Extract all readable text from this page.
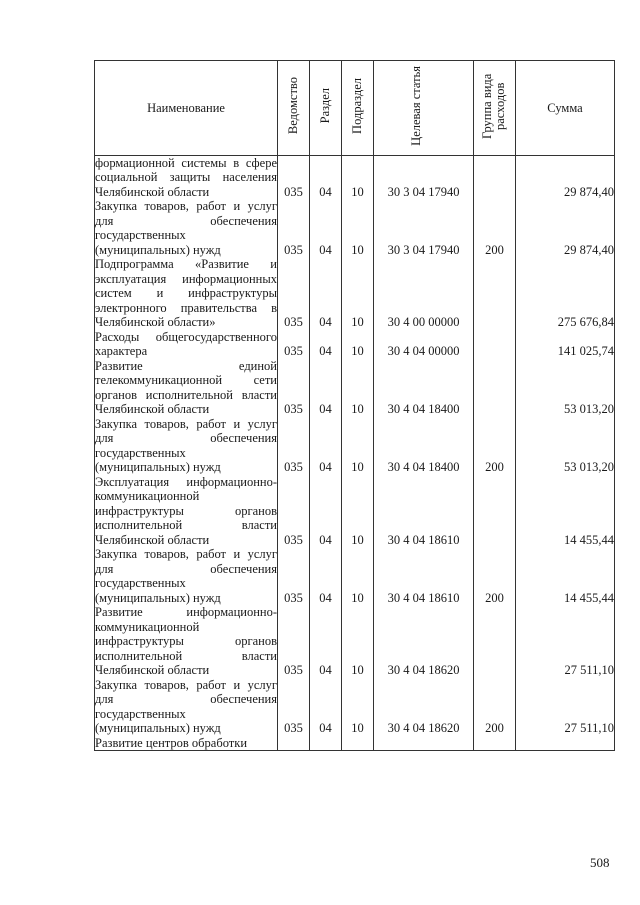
Наименование	Ведомство	Раздел	Подраздел	Целевая статья	Группа вида расходов	Сумма
формационной системы в сфере социальной защиты населения Челябинской области	035	04	10	30 3 04 17940		29 874,40
Закупка товаров, работ и услуг для обеспечения государственных (муниципальных) нужд	035	04	10	30 3 04 17940	200	29 874,40
Подпрограмма «Развитие и эксплуатация информационных систем и инфраструктуры электронного правительства в Челябинской области»	035	04	10	30 4 00 00000		275 676,84
Расходы общегосударственного характера	035	04	10	30 4 04 00000		141 025,74
Развитие единой телекоммуникационной сети органов исполнительной власти Челябинской области	035	04	10	30 4 04 18400		53 013,20
Закупка товаров, работ и услуг для обеспечения государственных (муниципальных) нужд	035	04	10	30 4 04 18400	200	53 013,20
Эксплуатация информационно-коммуникационной инфраструктуры органов исполнительной власти Челябинской области	035	04	10	30 4 04 18610		14 455,44
Закупка товаров, работ и услуг для обеспечения государственных (муниципальных) нужд	035	04	10	30 4 04 18610	200	14 455,44
Развитие информационно-коммуникационной инфраструктуры органов исполнительной власти Челябинской области	035	04	10	30 4 04 18620		27 511,10
Закупка товаров, работ и услуг для обеспечения государственных (муниципальных) нужд	035	04	10	30 4 04 18620	200	27 511,10
Развитие центров обработки						
508
